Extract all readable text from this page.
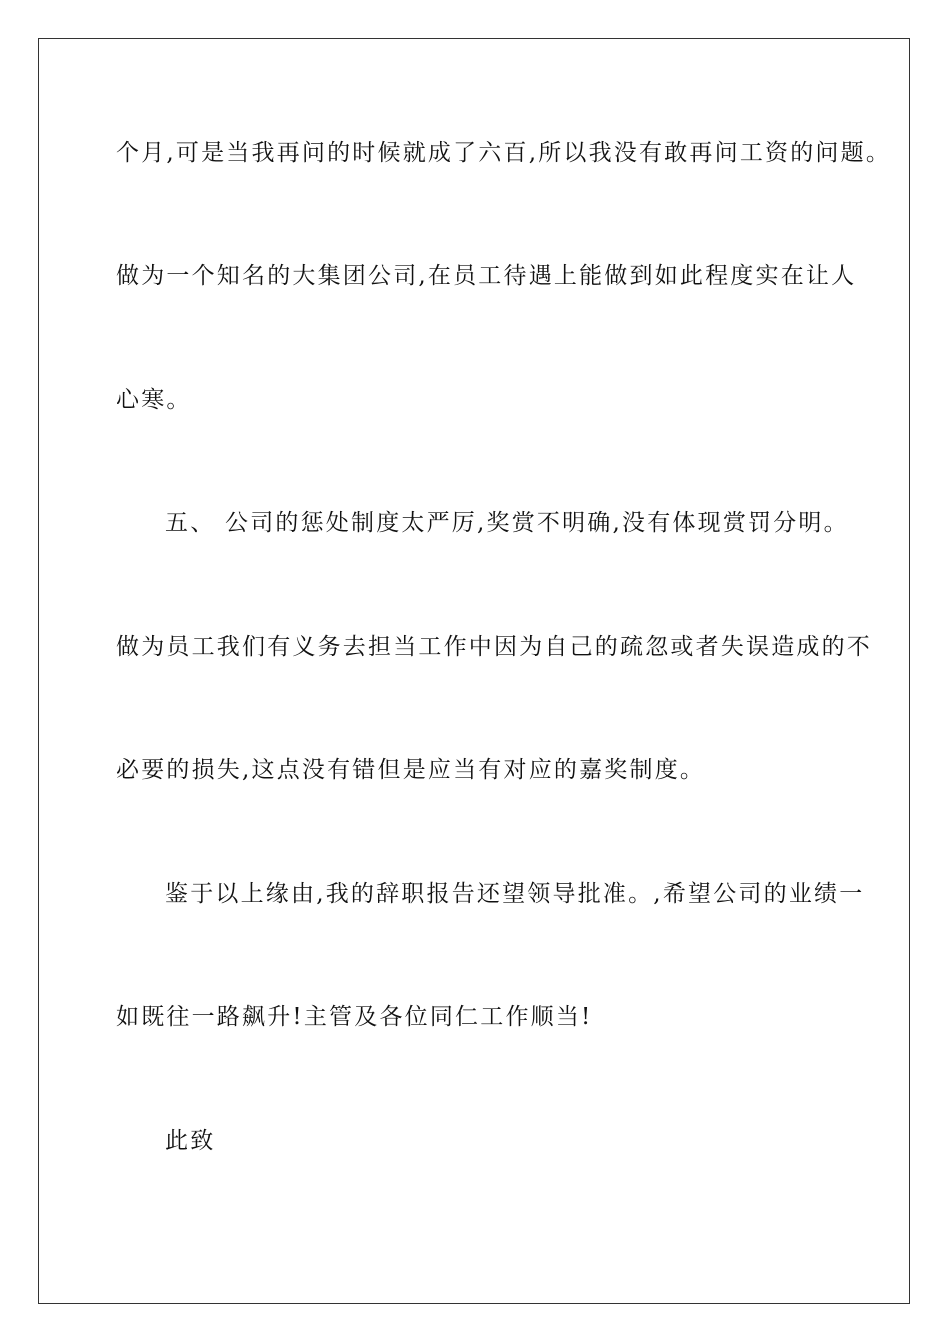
个月,可是当我再问的时候就成了六百,所以我没有敢再问工资的问题。

做为一个知名的大集团公司,在员工待遇上能做到如此程度实在让人

心寒。

五、 公司的惩处制度太严厉,奖赏不明确,没有体现赏罚分明。

做为员工我们有义务去担当工作中因为自己的疏忽或者失误造成的不

必要的损失,这点没有错但是应当有对应的嘉奖制度。

鉴于以上缘由,我的辞职报告还望领导批准。,希望公司的业绩一

如既往一路飙升!主管及各位同仁工作顺当!

此致
